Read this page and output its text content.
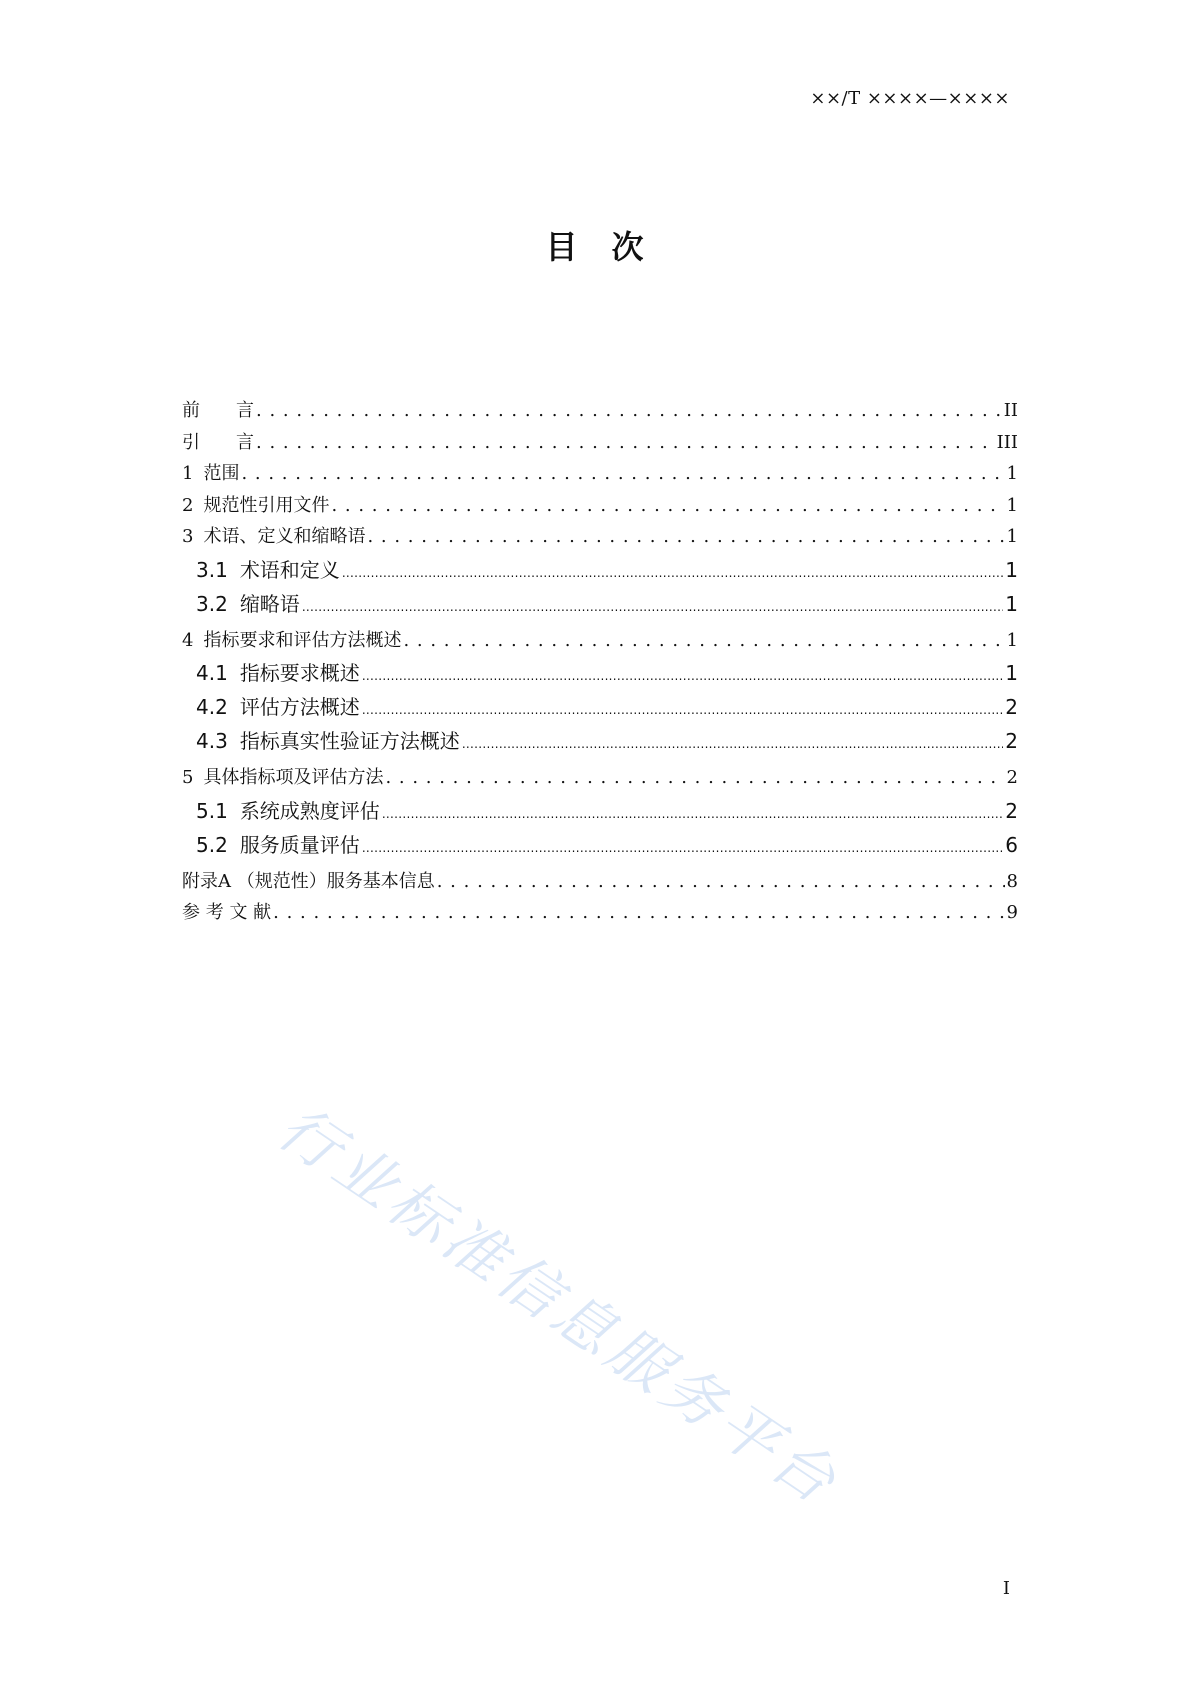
××/T ××××—××××
目　次
前　　言 . . .	II
引　　言 . . .	III
1 范围 . . .	1
2 规范性引用文件 . . .	1
3 术语、定义和缩略语 . . .	1
3.1 术语和定义 .....	1
3.2 缩略语 .....	1
4 指标要求和评估方法概述 . . .	1
4.1 指标要求概述 .....	1
4.2 评估方法概述 .....	2
4.3 指标真实性验证方法概述 .....	2
5 具体指标项及评估方法 . . .	2
5.1 系统成熟度评估 .....	2
5.2 服务质量评估 .....	6
附录A （规范性）服务基本信息 . . .	8
参 考 文 献 . . .	9
行业标准信息服务平台
I
